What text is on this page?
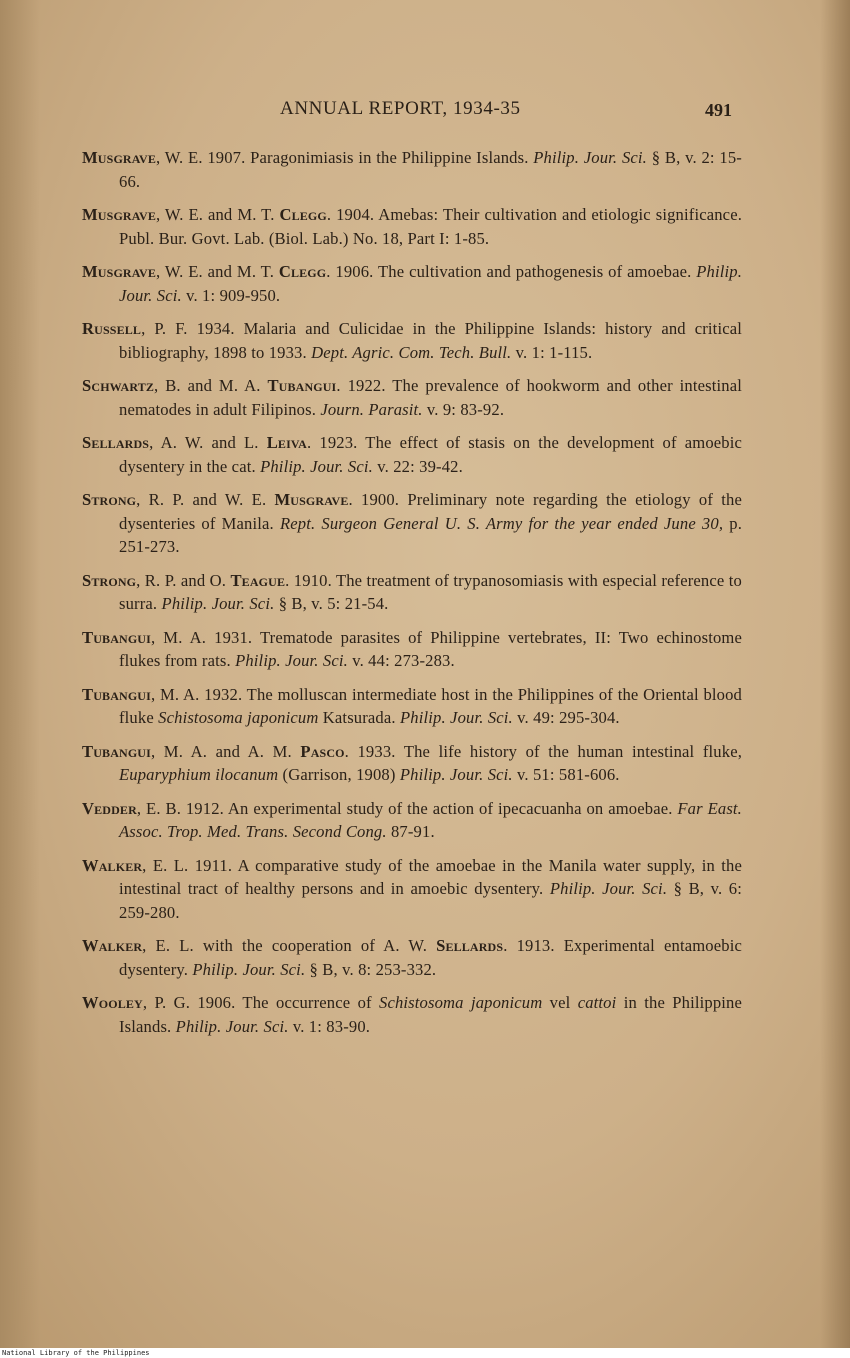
ANNUAL REPORT, 1934-35	491

Musgrave, W. E. 1907. Paragonimiasis in the Philippine Islands. Philip. Jour. Sci. § B, v. 2: 15-66.

Musgrave, W. E. and M. T. Clegg. 1904. Amebas: Their cultivation and etiologic significance. Publ. Bur. Govt. Lab. (Biol. Lab.) No. 18, Part I: 1-85.

Musgrave, W. E. and M. T. Clegg. 1906. The cultivation and pathogenesis of amoebae. Philip. Jour. Sci. v. 1: 909-950.

Russell, P. F. 1934. Malaria and Culicidae in the Philippine Islands: history and critical bibliography, 1898 to 1933. Dept. Agric. Com. Tech. Bull. v. 1: 1-115.

Schwartz, B. and M. A. Tubangui. 1922. The prevalence of hookworm and other intestinal nematodes in adult Filipinos. Journ. Parasit. v. 9: 83-92.

Sellards, A. W. and L. Leiva. 1923. The effect of stasis on the development of amoebic dysentery in the cat. Philip. Jour. Sci. v. 22: 39-42.

Strong, R. P. and W. E. Musgrave. 1900. Preliminary note regarding the etiology of the dysenteries of Manila. Rept. Surgeon General U. S. Army for the year ended June 30, p. 251-273.

Strong, R. P. and O. Teague. 1910. The treatment of trypanosomiasis with especial reference to surra. Philip. Jour. Sci. § B, v. 5: 21-54.

Tubangui, M. A. 1931. Trematode parasites of Philippine vertebrates, II: Two echinostome flukes from rats. Philip. Jour. Sci. v. 44: 273-283.

Tubangui, M. A. 1932. The molluscan intermediate host in the Philippines of the Oriental blood fluke Schistosoma japonicum Katsurada. Philip. Jour. Sci. v. 49: 295-304.

Tubangui, M. A. and A. M. Pasco. 1933. The life history of the human intestinal fluke, Euparyphium ilocanum (Garrison, 1908) Philip. Jour. Sci. v. 51: 581-606.

Vedder, E. B. 1912. An experimental study of the action of ipecacuanha on amoebae. Far East. Assoc. Trop. Med. Trans. Second Cong. 87-91.

Walker, E. L. 1911. A comparative study of the amoebae in the Manila water supply, in the intestinal tract of healthy persons and in amoebic dysentery. Philip. Jour. Sci. § B, v. 6: 259-280.

Walker, E. L. with the cooperation of A. W. Sellards. 1913. Experimental entamoebic dysentery. Philip. Jour. Sci. § B, v. 8: 253-332.

Wooley, P. G. 1906. The occurrence of Schistosoma japonicum vel cattoi in the Philippine Islands. Philip. Jour. Sci. v. 1: 83-90.

National Library of the Philippines
